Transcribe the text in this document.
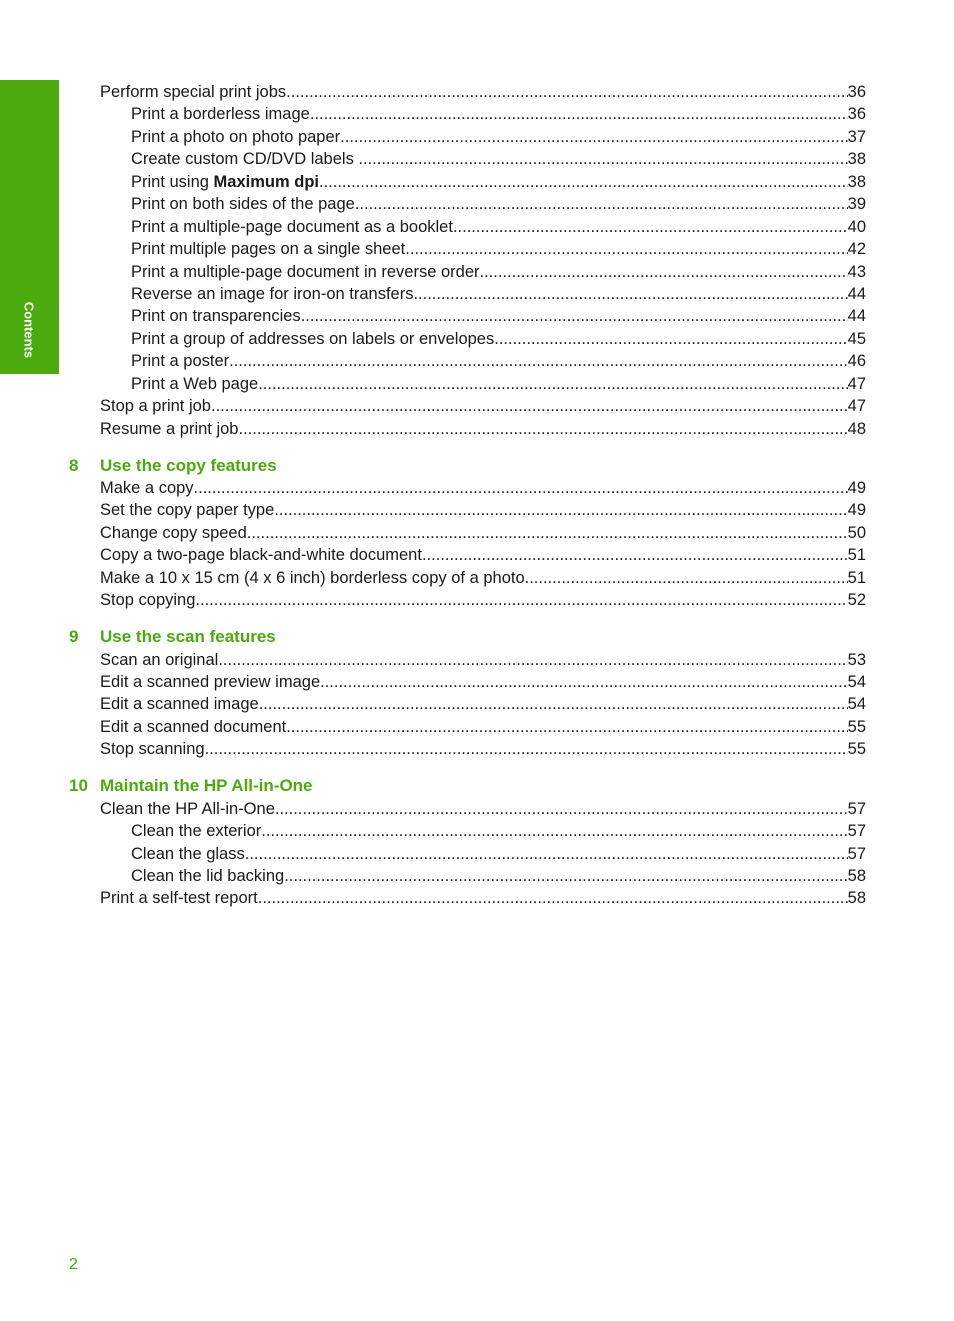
Contents
Perform special print jobs .....	36
Print a borderless image .....	36
Print a photo on photo paper .....	37
Create custom CD/DVD labels .....	38
Print using Maximum dpi .....	38
Print on both sides of the page .....	39
Print a multiple-page document as a booklet .....	40
Print multiple pages on a single sheet .....	42
Print a multiple-page document in reverse order .....	43
Reverse an image for iron-on transfers .....	44
Print on transparencies .....	44
Print a group of addresses on labels or envelopes .....	45
Print a poster .....	46
Print a Web page .....	47
Stop a print job .....	47
Resume a print job .....	48
8 Use the copy features
Make a copy .....	49
Set the copy paper type .....	49
Change copy speed .....	50
Copy a two-page black-and-white document .....	51
Make a 10 x 15 cm (4 x 6 inch) borderless copy of a photo .....	51
Stop copying .....	52
9 Use the scan features
Scan an original .....	53
Edit a scanned preview image .....	54
Edit a scanned image .....	54
Edit a scanned document .....	55
Stop scanning .....	55
10 Maintain the HP All-in-One
Clean the HP All-in-One .....	57
Clean the exterior .....	57
Clean the glass .....	57
Clean the lid backing .....	58
Print a self-test report .....	58
2
